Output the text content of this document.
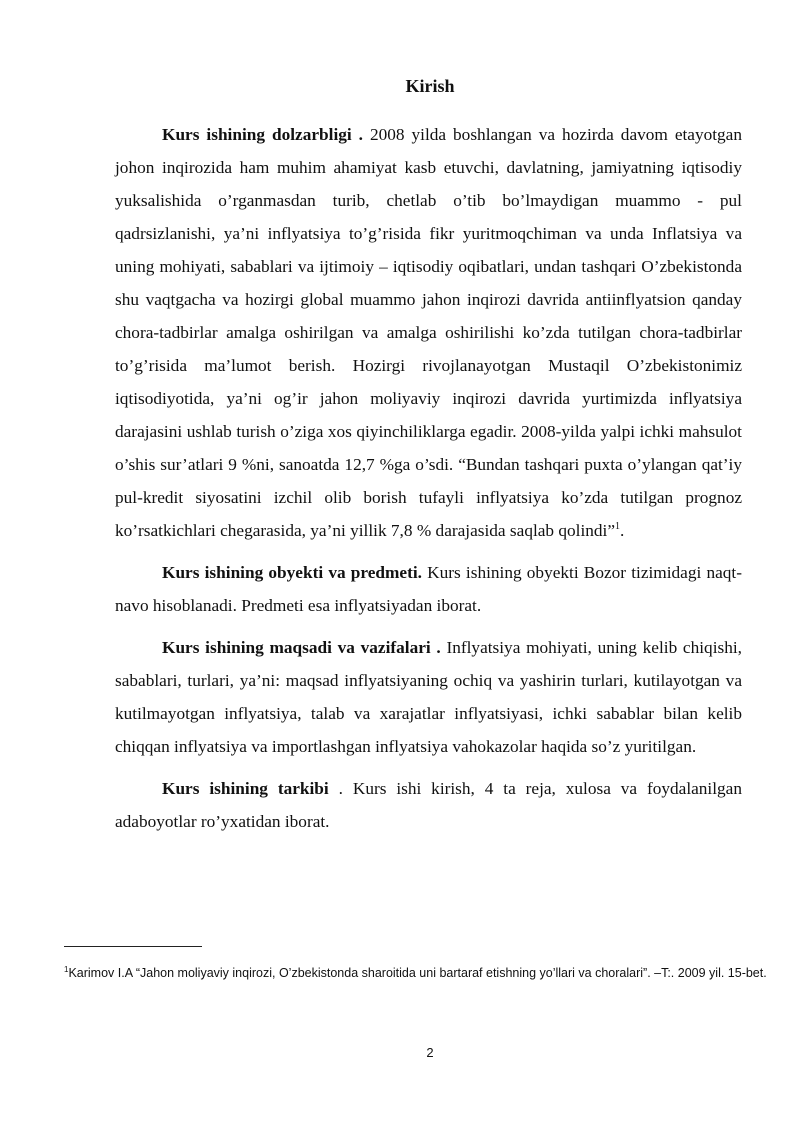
Kirish

Kurs ishining dolzarbligi . 2008 yilda boshlangan va hozirda davom etayotgan johon inqirozida ham muhim ahamiyat kasb etuvchi, davlatning, jamiyatning iqtisodiy yuksalishida o’rganmasdan turib, chetlab o’tib bo’lmaydigan muammo - pul qadrsizlanishi, ya’ni inflyatsiya to’g’risida fikr yuritmoqchiman va unda Inflatsiya va uning mohiyati, sabablari va ijtimoiy – iqtisodiy oqibatlari, undan tashqari O’zbekistonda shu vaqtgacha va hozirgi global muammo jahon inqirozi davrida antiinflyatsion qanday chora-tadbirlar amalga oshirilgan va amalga oshirilishi ko’zda tutilgan chora-tadbirlar to’g’risida ma’lumot berish. Hozirgi rivojlanayotgan Mustaqil O’zbekistonimiz iqtisodiyotida, ya’ni og’ir jahon moliyaviy inqirozi davrida yurtimizda inflyatsiya darajasini ushlab turish o’ziga xos qiyinchiliklarga egadir. 2008-yilda yalpi ichki mahsulot o’shis sur’atlari 9 %ni, sanoatda 12,7 %ga o’sdi. “Bundan tashqari puxta o’ylangan qat’iy pul-kredit siyosatini izchil olib borish tufayli inflyatsiya ko’zda tutilgan prognoz ko’rsatkichlari chegarasida, ya’ni yillik 7,8 % darajasida saqlab qolindi”$^1$.

Kurs ishining obyekti va predmeti. Kurs ishining obyekti Bozor tizimidagi naqt-navo hisoblanadi. Predmeti esa inflyatsiyadan iborat.

Kurs ishining maqsadi va vazifalari . Inflyatsiya mohiyati, uning kelib chiqishi, sabablari, turlari, ya’ni: maqsad inflyatsiyaning ochiq va yashirin turlari, kutilayotgan va kutilmayotgan inflyatsiya, talab va xarajatlar inflyatsiyasi, ichki sabablar bilan kelib chiqqan inflyatsiya va importlashgan inflyatsiya vahokazolar haqida so’z yuritilgan.

Kurs ishining tarkibi . Kurs ishi kirish, 4 ta reja, xulosa va foydalanilgan adaboyotlar ro’yxatidan iborat.

$^1$Karimov I.A “Jahon moliyaviy inqirozi, O’zbekistonda sharoitida uni bartaraf etishning yo’llari va choralari”. –T:. 2009 yil. 15-bet.
2
